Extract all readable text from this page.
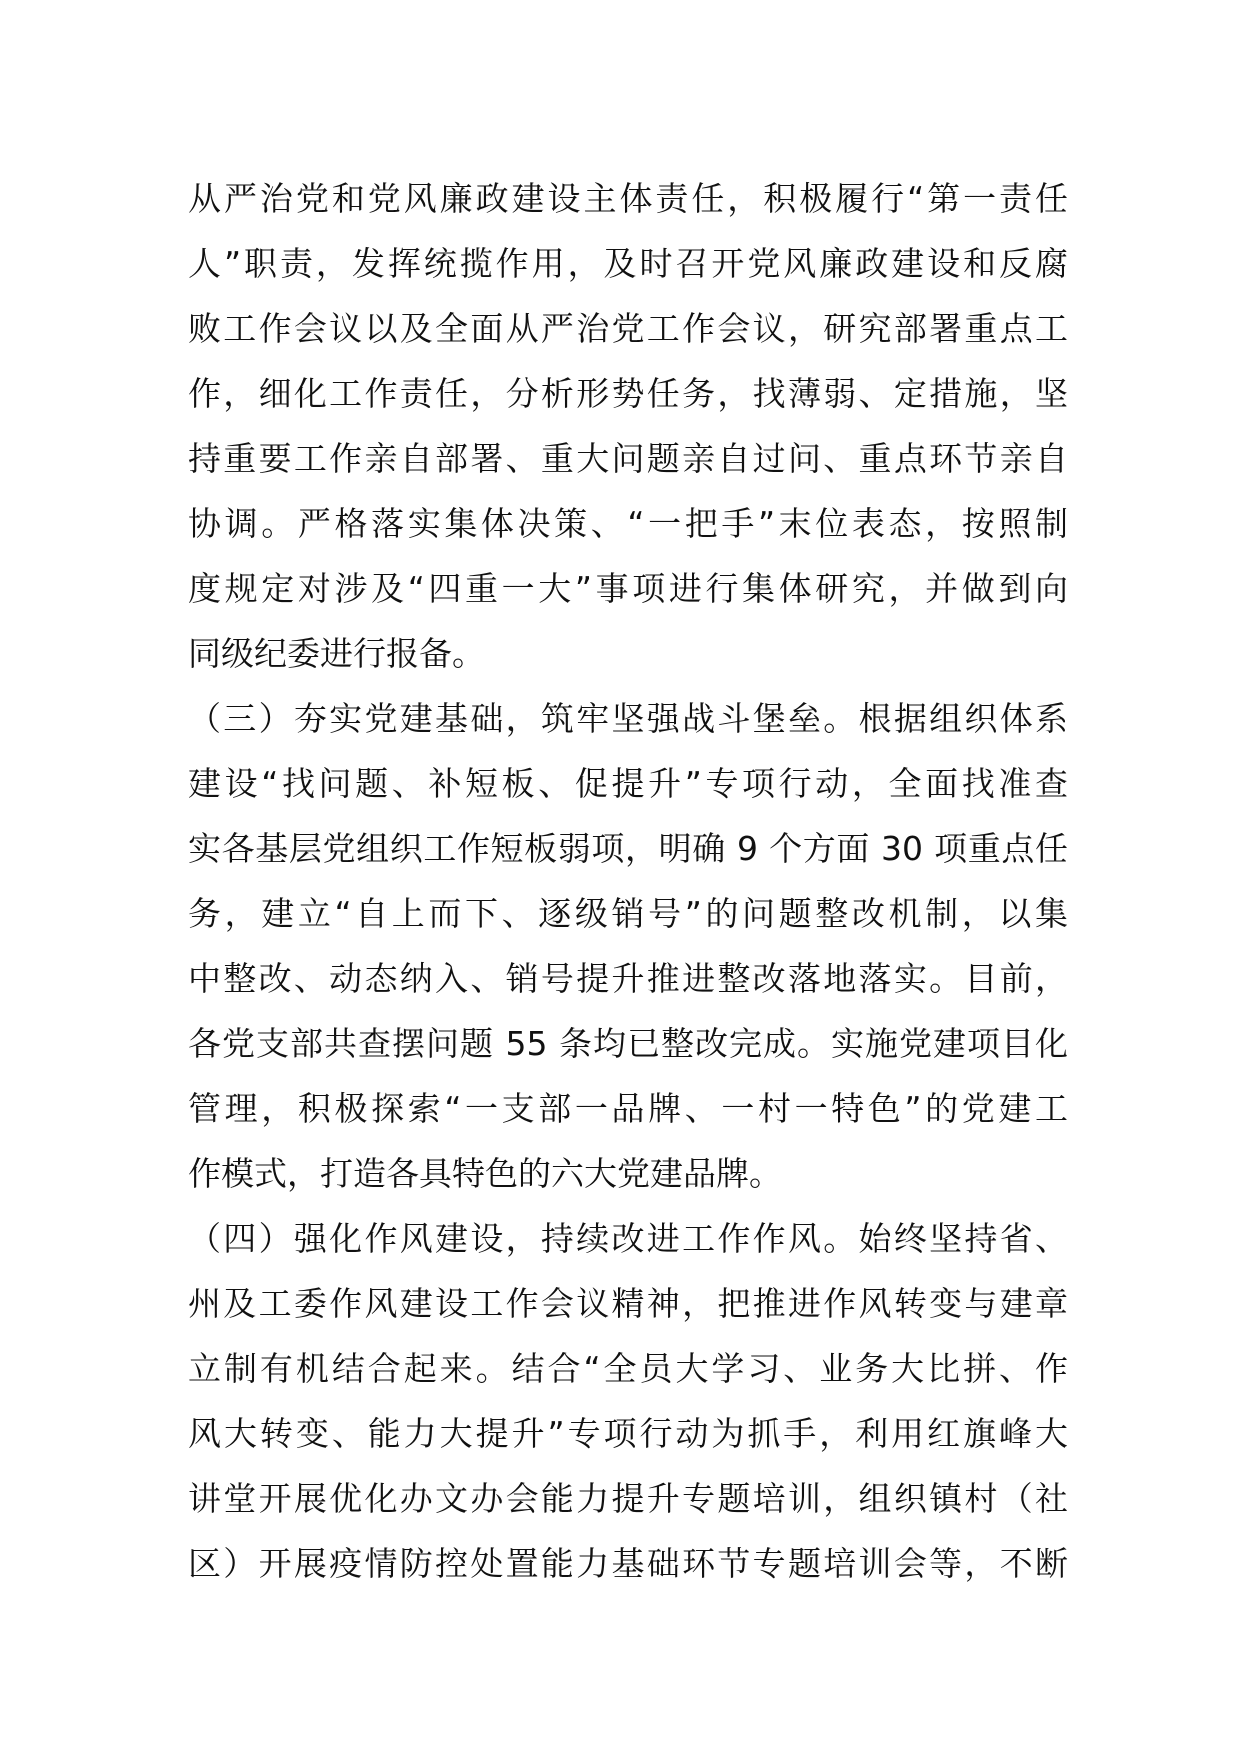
从严治党和党风廉政建设主体责任，积极履行“第一责任
人”职责，发挥统揽作用，及时召开党风廉政建设和反腐
败工作会议以及全面从严治党工作会议，研究部署重点工
作，细化工作责任，分析形势任务，找薄弱、定措施，坚
持重要工作亲自部署、重大问题亲自过问、重点环节亲自
协调。严格落实集体决策、“一把手”末位表态，按照制
度规定对涉及“四重一大”事项进行集体研究，并做到向
同级纪委进行报备。
（三）夯实党建基础，筑牢坚强战斗堡垒。根据组织体系
建设“找问题、补短板、促提升”专项行动，全面找准查
实各基层党组织工作短板弱项，明确 9 个方面 30 项重点任
务，建立“自上而下、逐级销号”的问题整改机制，以集
中整改、动态纳入、销号提升推进整改落地落实。目前，
各党支部共查摆问题 55 条均已整改完成。实施党建项目化
管理，积极探索“一支部一品牌、一村一特色”的党建工
作模式，打造各具特色的六大党建品牌。
（四）强化作风建设，持续改进工作作风。始终坚持省、
州及工委作风建设工作会议精神，把推进作风转变与建章
立制有机结合起来。结合“全员大学习、业务大比拼、作
风大转变、能力大提升”专项行动为抓手，利用红旗峰大
讲堂开展优化办文办会能力提升专题培训，组织镇村（社
区）开展疫情防控处置能力基础环节专题培训会等，不断
